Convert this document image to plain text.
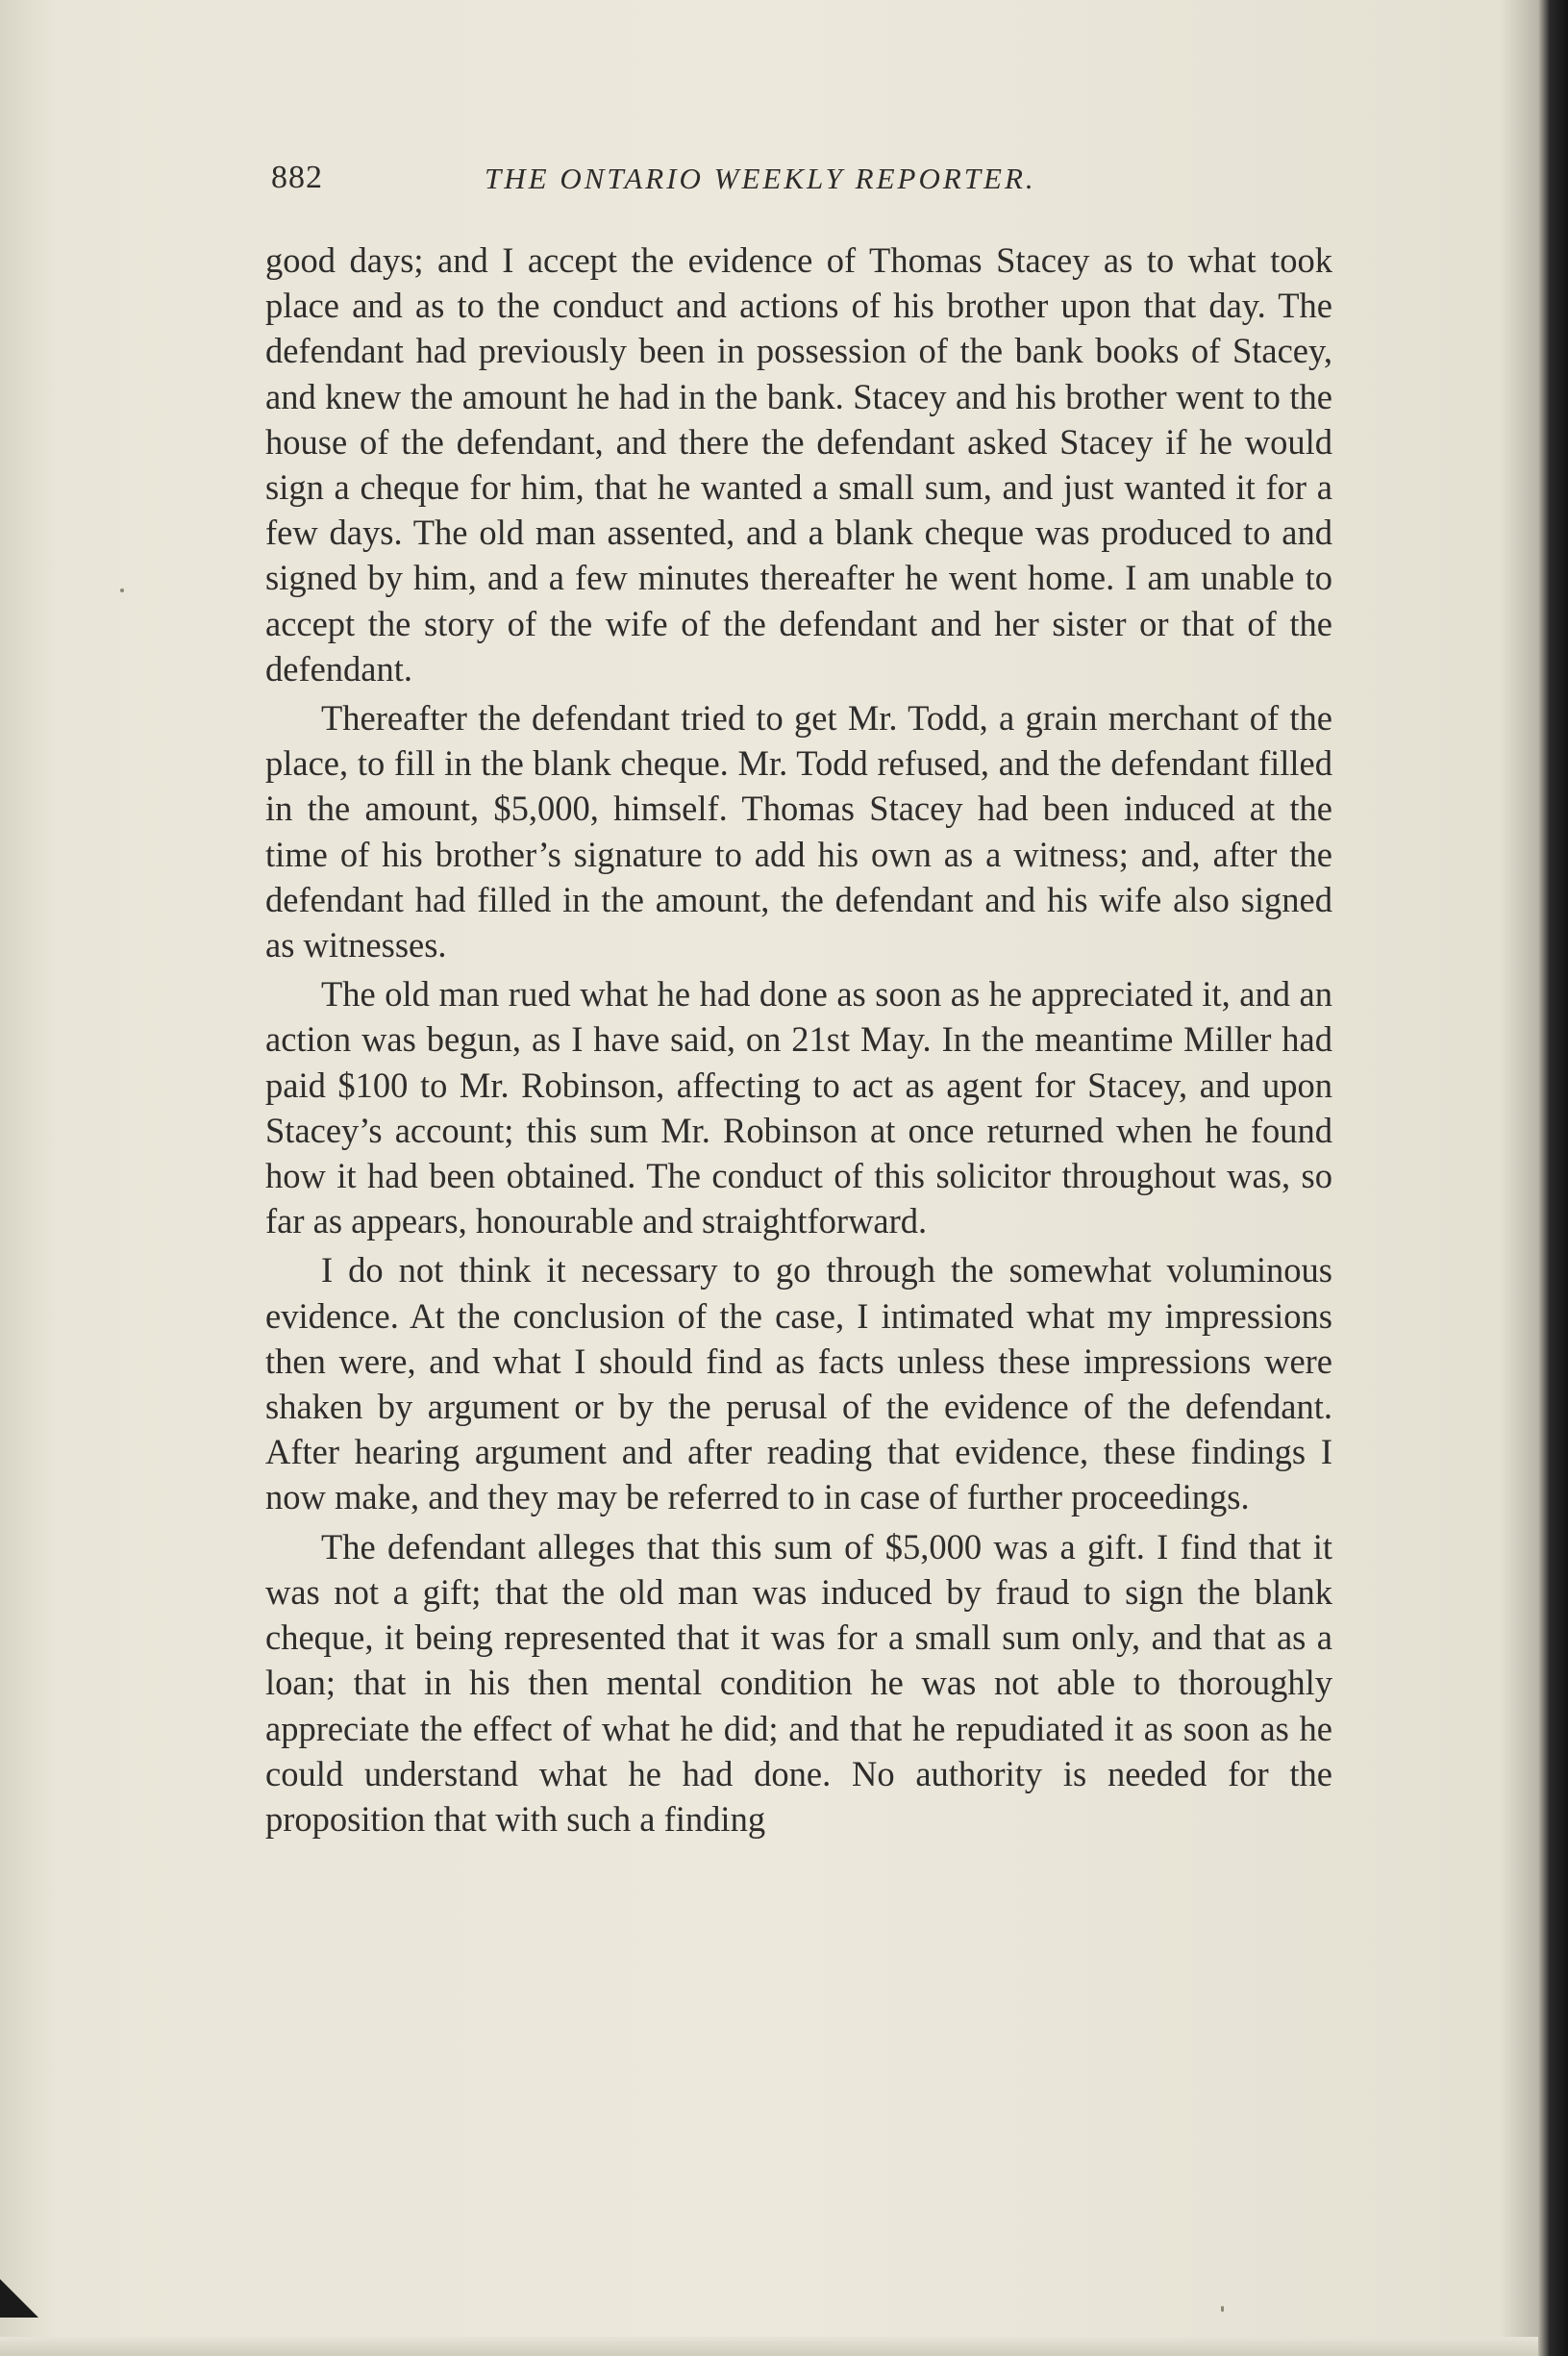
882	THE ONTARIO WEEKLY REPORTER.

good days; and I accept the evidence of Thomas Stacey as to what took place and as to the conduct and actions of his brother upon that day. The defendant had previously been in possession of the bank books of Stacey, and knew the amount he had in the bank. Stacey and his brother went to the house of the defendant, and there the defendant asked Stacey if he would sign a cheque for him, that he wanted a small sum, and just wanted it for a few days. The old man assented, and a blank cheque was produced to and signed by him, and a few minutes thereafter he went home. I am unable to accept the story of the wife of the defendant and her sister or that of the defendant.

Thereafter the defendant tried to get Mr. Todd, a grain merchant of the place, to fill in the blank cheque. Mr. Todd refused, and the defendant filled in the amount, $5,000, himself. Thomas Stacey had been induced at the time of his brother’s signature to add his own as a witness; and, after the defendant had filled in the amount, the defendant and his wife also signed as witnesses.

The old man rued what he had done as soon as he appreciated it, and an action was begun, as I have said, on 21st May. In the meantime Miller had paid $100 to Mr. Robinson, affecting to act as agent for Stacey, and upon Stacey’s account; this sum Mr. Robinson at once returned when he found how it had been obtained. The conduct of this solicitor throughout was, so far as appears, honourable and straightforward.

I do not think it necessary to go through the somewhat voluminous evidence. At the conclusion of the case, I intimated what my impressions then were, and what I should find as facts unless these impressions were shaken by argument or by the perusal of the evidence of the defendant. After hearing argument and after reading that evidence, these findings I now make, and they may be referred to in case of further proceedings.

The defendant alleges that this sum of $5,000 was a gift. I find that it was not a gift; that the old man was induced by fraud to sign the blank cheque, it being represented that it was for a small sum only, and that as a loan; that in his then mental condition he was not able to thoroughly appreciate the effect of what he did; and that he repudiated it as soon as he could understand what he had done. No authority is needed for the proposition that with such a finding
